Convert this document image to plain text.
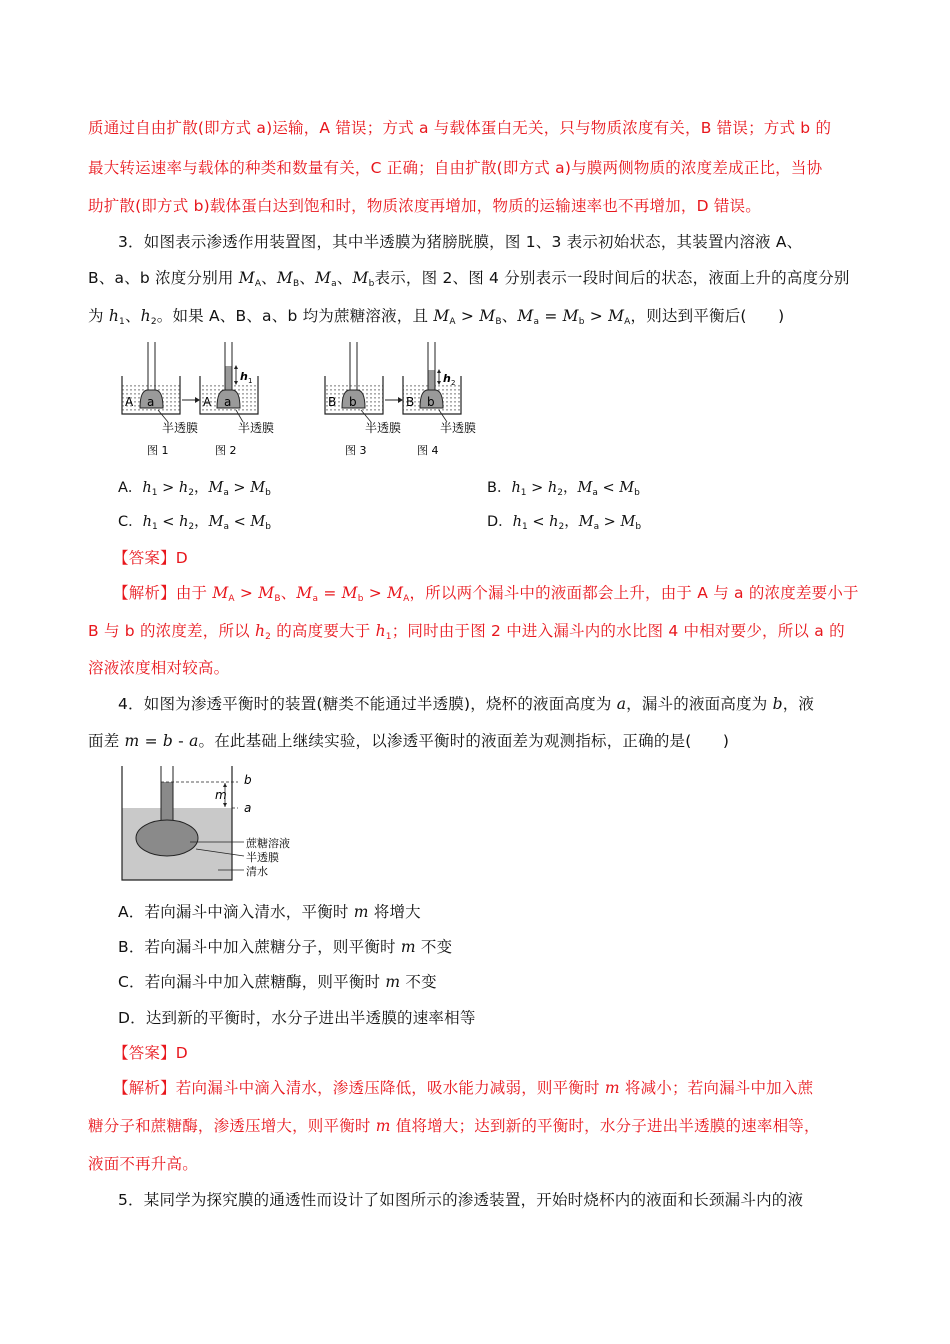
质通过自由扩散(即方式 a)运输，A 错误；方式 a 与载体蛋白无关，只与物质浓度有关，B 错误；方式 b 的
最大转运速率与载体的种类和数量有关，C 正确；自由扩散(即方式 a)与膜两侧物质的浓度差成正比，当协
助扩散(即方式 b)载体蛋白达到饱和时，物质浓度再增加，物质的运输速率也不再增加，D 错误。
3．如图表示渗透作用装置图，其中半透膜为猪膀胱膜，图 1、3 表示初始状态，其装置内溶液 A、
B、a、b 浓度分别用 $M_A$、$M_B$、$M_a$、$M_b$表示，图 2、图 4 分别表示一段时间后的状态，液面上升的高度分别
为 $h_1$、$h_2$。如果 A、B、a、b 均为蔗糖溶液，且 $M_A > M_B$、$M_a = M_b > M_A$，则达到平衡后(　　)
A a
h 1
A a	B b
h 2
B b
半透膜	半透膜	半透膜	半透膜
图 1	图 2	图 3	图 4
A．$h_1 > h_2$，$M_a > M_b$	B．$h_1 > h_2$，$M_a < M_b$
C．$h_1 < h_2$，$M_a < M_b$	D．$h_1 < h_2$，$M_a > M_b$
【答案】D
【解析】由于 $M_A > M_B$、$M_a = M_b > M_A$，所以两个漏斗中的液面都会上升，由于 A 与 a 的浓度差要小于
B 与 b 的浓度差，所以 $h_2$ 的高度要大于 $h_1$；同时由于图 2 中进入漏斗内的水比图 4 中相对要少，所以 a 的
溶液浓度相对较高。
4．如图为渗透平衡时的装置(糖类不能通过半透膜)，烧杯的液面高度为 a，漏斗的液面高度为 b，液
面差 m = b - a。在此基础上继续实验，以渗透平衡时的液面差为观测指标，正确的是(　　)
b
m
a
蔗糖溶液
半透膜
清水
A．若向漏斗中滴入清水，平衡时 m 将增大
B．若向漏斗中加入蔗糖分子，则平衡时 m 不变
C．若向漏斗中加入蔗糖酶，则平衡时 m 不变
D．达到新的平衡时，水分子进出半透膜的速率相等
【答案】D
【解析】若向漏斗中滴入清水，渗透压降低，吸水能力减弱，则平衡时 m 将减小；若向漏斗中加入蔗
糖分子和蔗糖酶，渗透压增大，则平衡时 m 值将增大；达到新的平衡时，水分子进出半透膜的速率相等，
液面不再升高。
5．某同学为探究膜的通透性而设计了如图所示的渗透装置，开始时烧杯内的液面和长颈漏斗内的液
